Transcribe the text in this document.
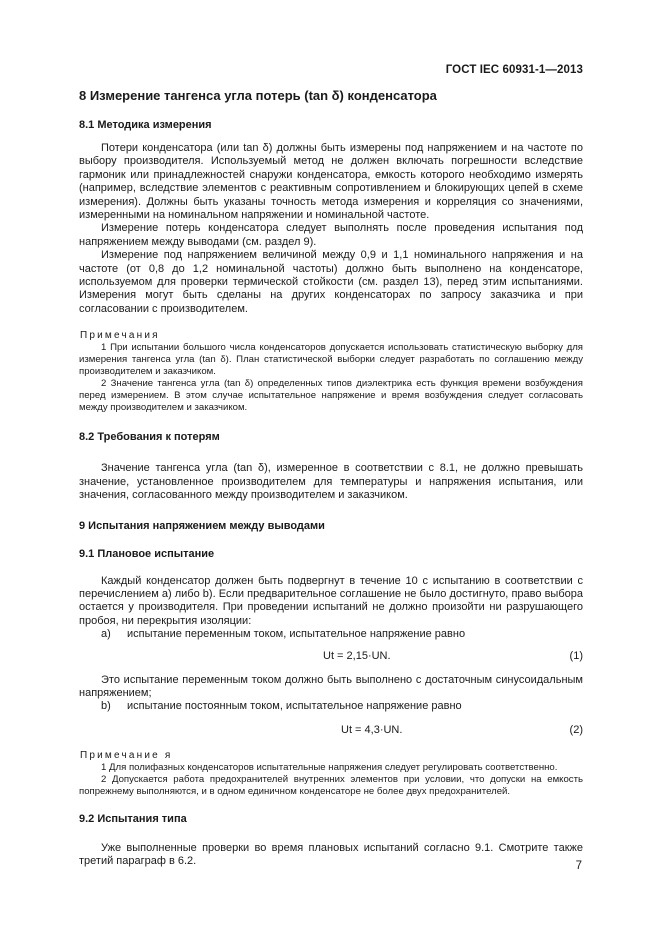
ГОСТ IEC 60931-1—2013
8 Измерение тангенса угла потерь (tan δ) конденсатора
8.1 Методика измерения

Потери конденсатора (или tan δ) должны быть измерены под напряжением и на частоте по выбору производителя. Используемый метод не должен включать погрешности вследствие гармоник или принадлежностей снаружи конденсатора, емкость которого необходимо измерять (например, вследствие элементов с реактивным сопротивлением и блокирующих цепей в схеме измерения). Должны быть указаны точность метода измерения и корреляция со значениями, измеренными на номинальном напряжении и номинальной частоте.

Измерение потерь конденсатора следует выполнять после проведения испытания под напряжением между выводами (см. раздел 9).

Измерение под напряжением величиной между 0,9 и 1,1 номинального напряжения и на частоте (от 0,8 до 1,2 номинальной частоты) должно быть выполнено на конденсаторе, используемом для проверки термической стойкости (см. раздел 13), перед этим испытаниями. Измерения могут быть сделаны на других конденсаторах по запросу заказчика и при согласовании с производителем.

Примечания

1 При испытании большого числа конденсаторов допускается использовать статистическую выборку для измерения тангенса угла (tan δ). План статистической выборки следует разработать по соглашению между производителем и заказчиком.

2 Значение тангенса угла (tan δ) определенных типов диэлектрика есть функция времени возбуждения перед измерением. В этом случае испытательное напряжение и время возбуждения следует согласовать между производителем и заказчиком.

8.2 Требования к потерям

Значение тангенса угла (tan δ), измеренное в соответствии с 8.1, не должно превышать значение, установленное производителем для температуры и напряжения испытания, или значения, согласованного между производителем и заказчиком.

9 Испытания напряжением между выводами
9.1 Плановое испытание

Каждый конденсатор должен быть подвергнут в течение 10 с испытанию в соответствии с перечислением а) либо b). Если предварительное соглашение не было достигнуто, право выбора остается у производителя. При проведении испытаний не должно произойти ни разрушающего пробоя, ни перекрытия изоляции:

a) испытание переменным током, испытательное напряжение равно

Ut = 2,15·UN.	(1)

Это испытание переменным током должно быть выполнено с достаточным синусоидальным напряжением;

b) испытание постоянным током, испытательное напряжение равно

Ut = 4,3·UN.	(2)

Примечание я

1 Для полифазных конденсаторов испытательные напряжения следует регулировать соответственно.

2 Допускается работа предохранителей внутренних элементов при условии, что допуски на емкость попрежнему выполняются, и в одном единичном конденсаторе не более двух предохранителей.

9.2 Испытания типа

Уже выполненные проверки во время плановых испытаний согласно 9.1. Смотрите также третий параграф в 6.2.	7
